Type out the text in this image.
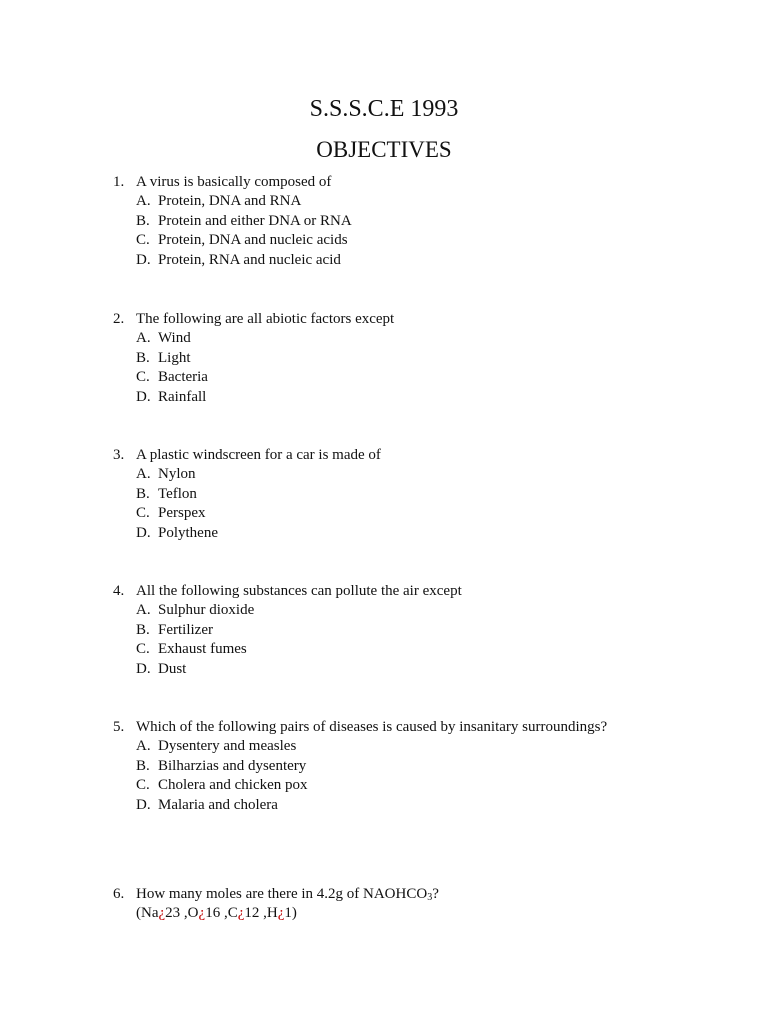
S.S.S.C.E 1993
OBJECTIVES
1. A virus is basically composed of
A. Protein, DNA and RNA
B. Protein and either DNA or RNA
C. Protein, DNA and nucleic acids
D. Protein, RNA and nucleic acid
2. The following are all abiotic factors except
A. Wind
B. Light
C. Bacteria
D. Rainfall
3. A plastic windscreen for a car is made of
A. Nylon
B. Teflon
C. Perspex
D. Polythene
4. All the following substances can pollute the air except
A. Sulphur dioxide
B. Fertilizer
C. Exhaust fumes
D. Dust
5. Which of the following pairs of diseases is caused by insanitary surroundings?
A. Dysentery and measles
B. Bilharzias and dysentery
C. Cholera and chicken pox
D. Malaria and cholera
6. How many moles are there in 4.2g of $NAOHCO_3$?
(Na¿23 ,O¿16 ,C¿12 ,H¿1)
